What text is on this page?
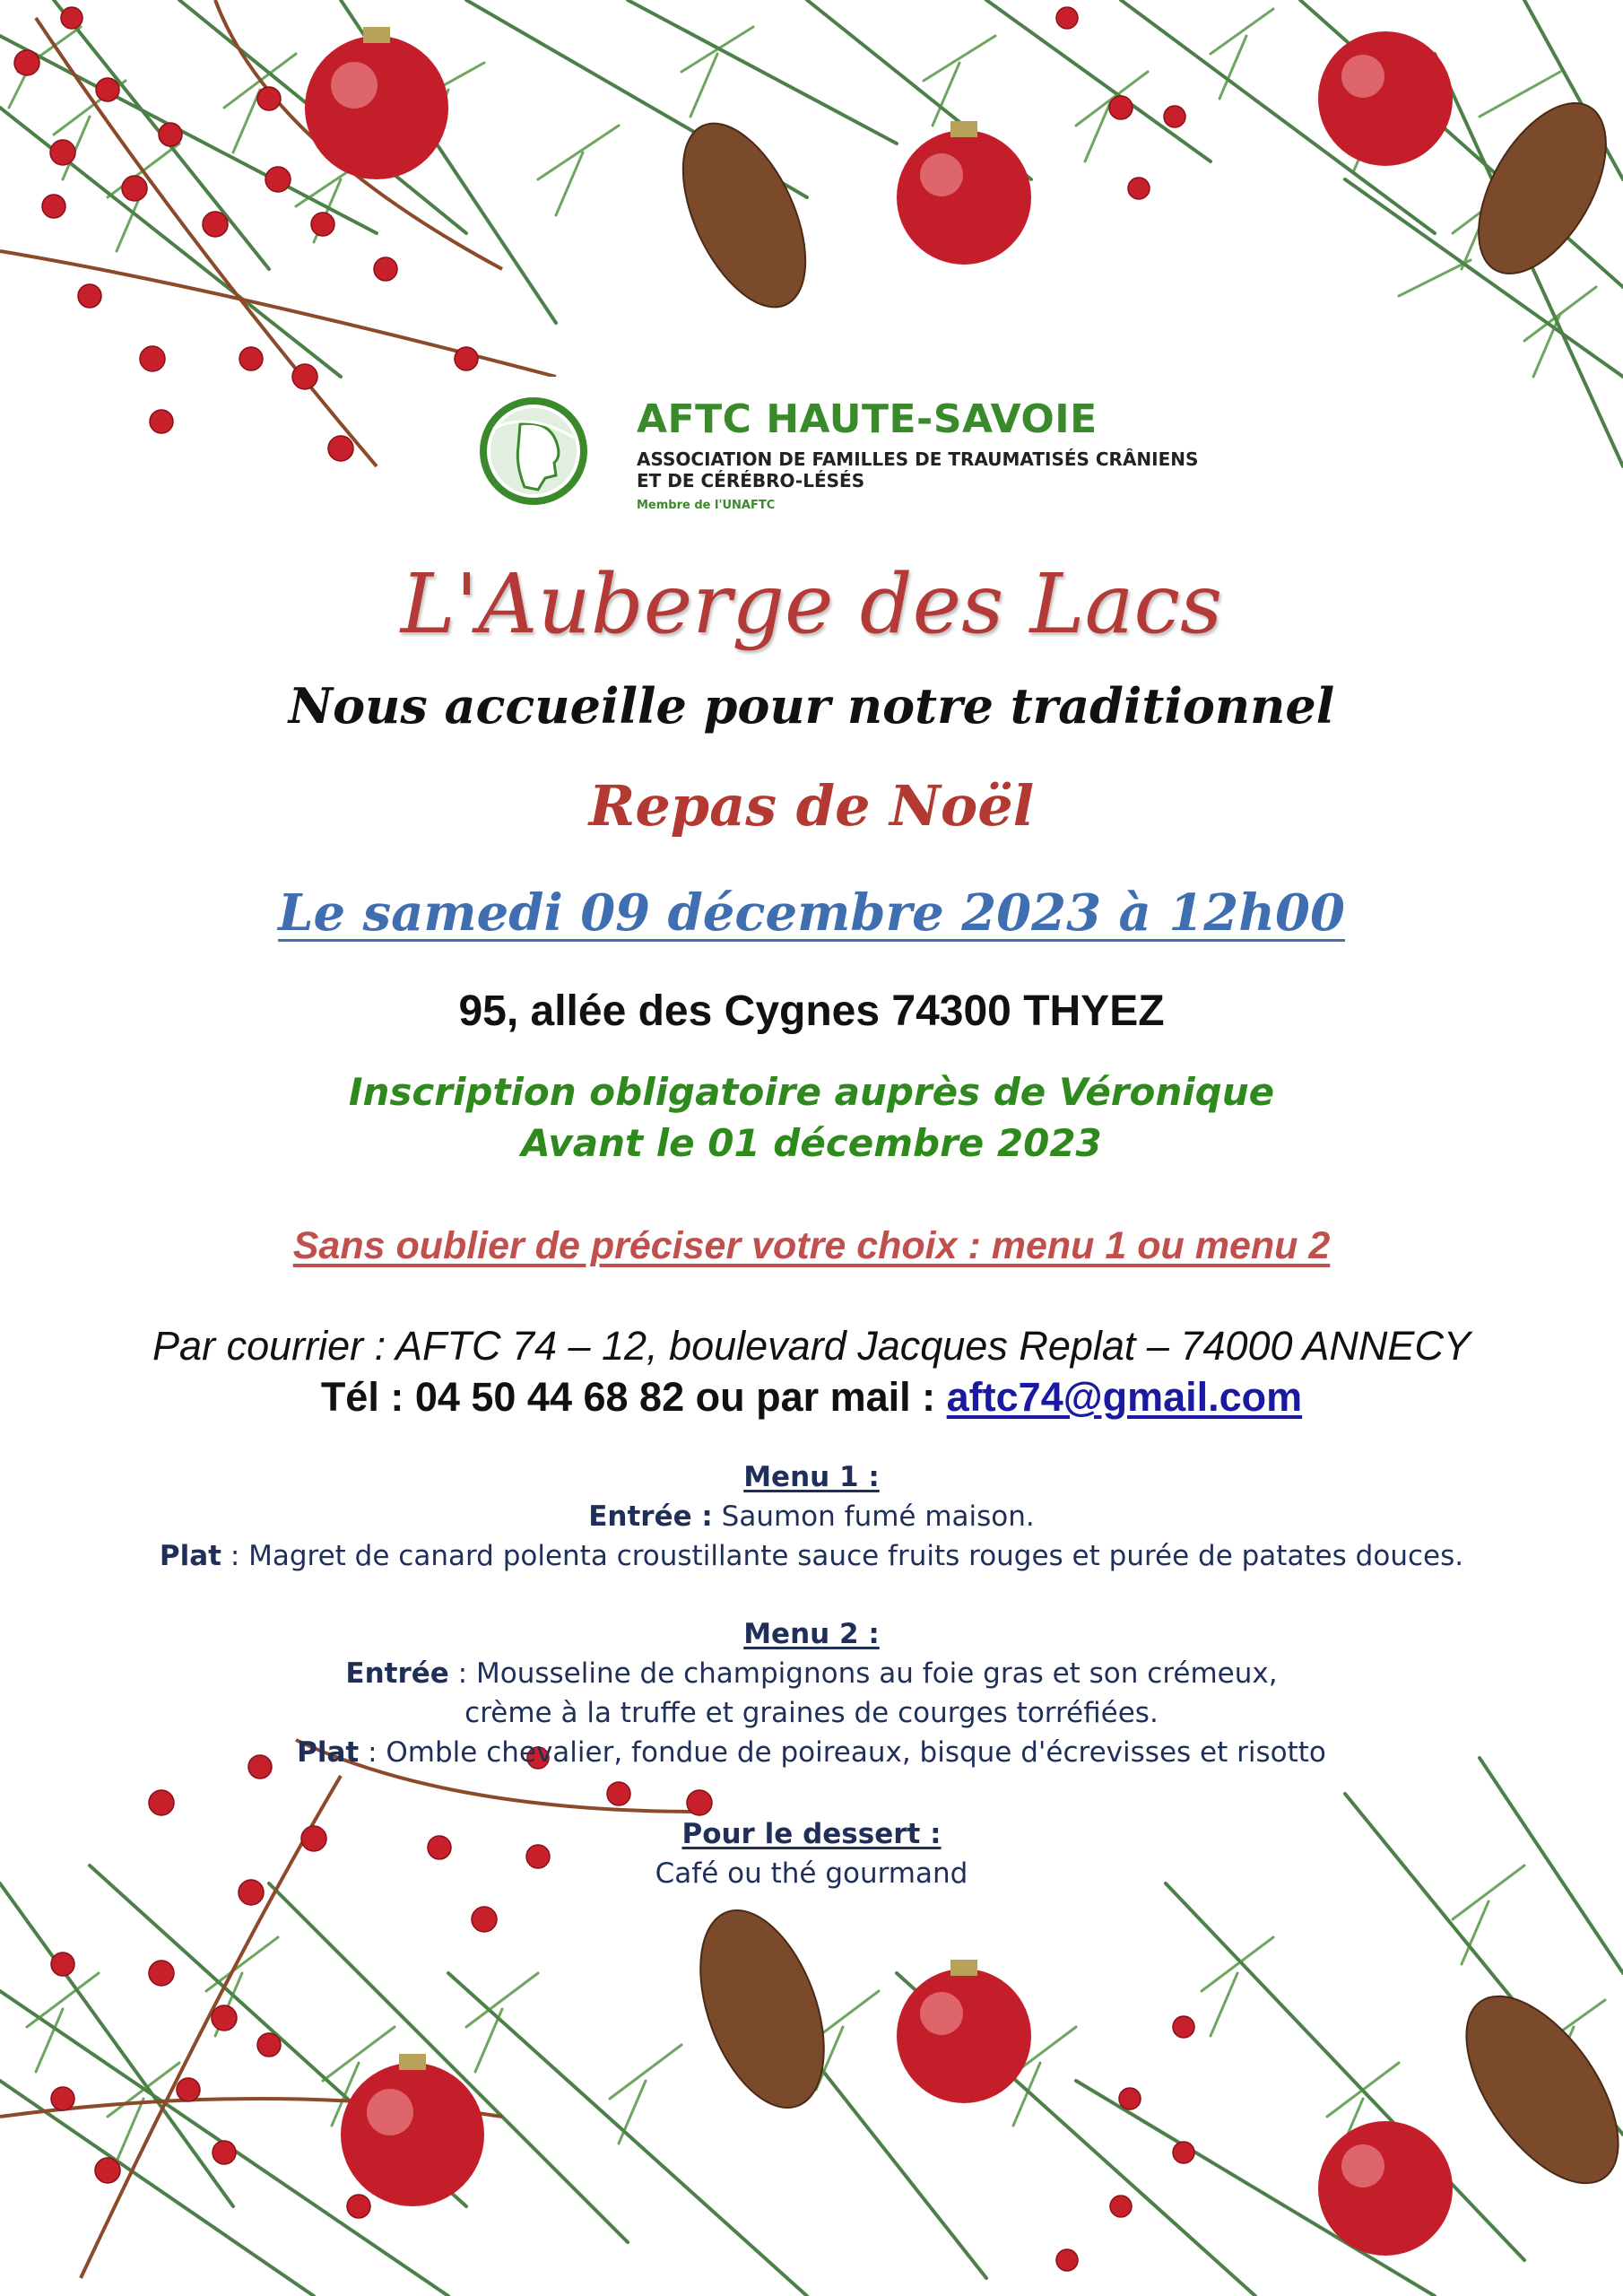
AFTC HAUTE-SAVOIE
ASSOCIATION DE FAMILLES DE TRAUMATISÉS CRÂNIENS
ET DE CÉRÉBRO-LÉSÉS
Membre de l'UNAFTC
L'Auberge des Lacs
Nous accueille pour notre traditionnel
Repas de Noël
Le samedi 09 décembre 2023 à 12h00
95, allée des Cygnes 74300 THYEZ
Inscription obligatoire auprès de Véronique
Avant le 01 décembre 2023
Sans oublier de préciser votre choix : menu 1 ou menu 2
Par courrier : AFTC 74 – 12, boulevard Jacques Replat – 74000 ANNECY
Tél : 04 50 44 68 82 ou par mail : aftc74@gmail.com
Menu 1 :
Entrée : Saumon fumé maison.
Plat : Magret de canard polenta croustillante sauce fruits rouges et purée de patates douces.
Menu 2 :
Entrée : Mousseline de champignons au foie gras et son crémeux,
crème à la truffe et graines de courges torréfiées.
Plat : Omble chevalier, fondue de poireaux, bisque d'écrevisses et risotto
Pour le dessert :
Café ou thé gourmand
